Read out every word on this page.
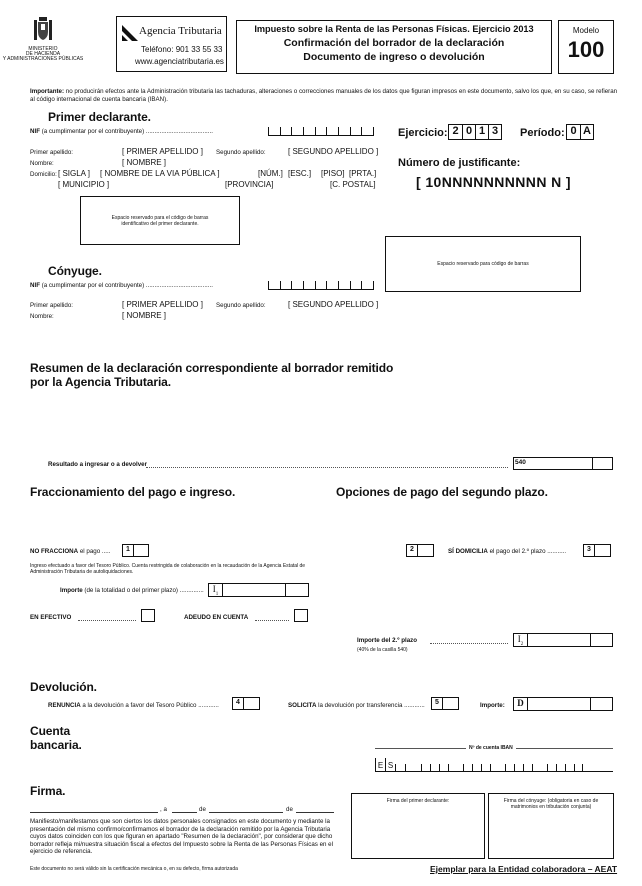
MINISTERIO
DE HACIENDA
Y ADMINISTRACIONES PÚBLICAS
Agencia Tributaria
Teléfono: 901 33 55 33
www.agenciatributaria.es
Impuesto sobre la Renta de las Personas Físicas. Ejercicio 2013
Confirmación del borrador de la declaración
Documento de ingreso o devolución
Modelo
100
Importante: no producirán efectos ante la Administración tributaria las tachaduras, alteraciones o correcciones manuales de los datos que figuran impresos en este documento, salvo los que, en su caso, se refieran al código internacional de cuenta bancaria (IBAN).
Primer declarante.
NIF (a cumplimentar por el contribuyente) .......................................
Primer apellido:	[ PRIMER APELLIDO ] Segundo apellido:	[ SEGUNDO APELLIDO ]
Nombre:	[ NOMBRE ]
Domicilio: [ SIGLA ] [ NOMBRE DE LA VIA PÚBLICA ]	[NÚM.] [ESC.] [PISO] [PRTA.]
[ MUNICIPIO ]	[PROVINCIA]	[C. POSTAL]
Espacio reservado para el código de barras identificativo del primer declarante.
Ejercicio: 2 0 1 3 Período: 0 A
Número de justificante:
[ 10NNNNNNNNNN N ]
Espacio reservado para código de barras
Cónyuge.
NIF (a cumplimentar por el contribuyente) .......................................
Primer apellido:	[ PRIMER APELLIDO ] Segundo apellido:	[ SEGUNDO APELLIDO ]
Nombre:	[ NOMBRE ]
Resumen de la declaración correspondiente al borrador remitido
por la Agencia Tributaria.
Resultado a ingresar o a devolver	540
Fraccionamiento del pago e ingreso.
NO FRACCIONA el pago .....	1
Ingreso efectuado a favor del Tesoro Público. Cuenta restringida de colaboración en la recaudación de la Agencia Estatal de Administración Tributaria de autoliquidaciones.
Importe (de la totalidad o del primer plazo) .............. $I_1$
EN EFECTIVO	ADEUDO EN CUENTA
Opciones de pago del segundo plazo.
2	SÍ DOMICILIA el pago del 2.º plazo ...........	3
Importe del 2.º plazo
(40% de la casilla 540)
$I_2$
Devolución.
RENUNCIA a la devolución a favor del Tesoro Público ............	4	SOLICITA la devolución por transferencia ............	5	Importe:	D
Cuenta
bancaria.	Nº de cuenta IBAN
E S
Firma.
, a	de	de
Manifiesto/manifestamos que son ciertos los datos personales consignados en este documento y mediante la presentación del mismo confirmo/confirmamos el borrador de la declaración remitido por la Agencia Tributaria cuyos datos coinciden con los que figuran en apartado "Resumen de la declaración", por considerar que dicho borrador refleja mi/nuestra situación fiscal a efectos del Impuesto sobre la Renta de las Personas Físicas en el ejercicio de referencia.
Este documento no será válido sin la certificación mecánica o, en su defecto, firma autorizada
Firma del primer declarante:	Firma del cónyuge: (obligatoria en caso de matrimonios en tributación conjunta)
Ejemplar para la Entidad colaboradora – AEAT
